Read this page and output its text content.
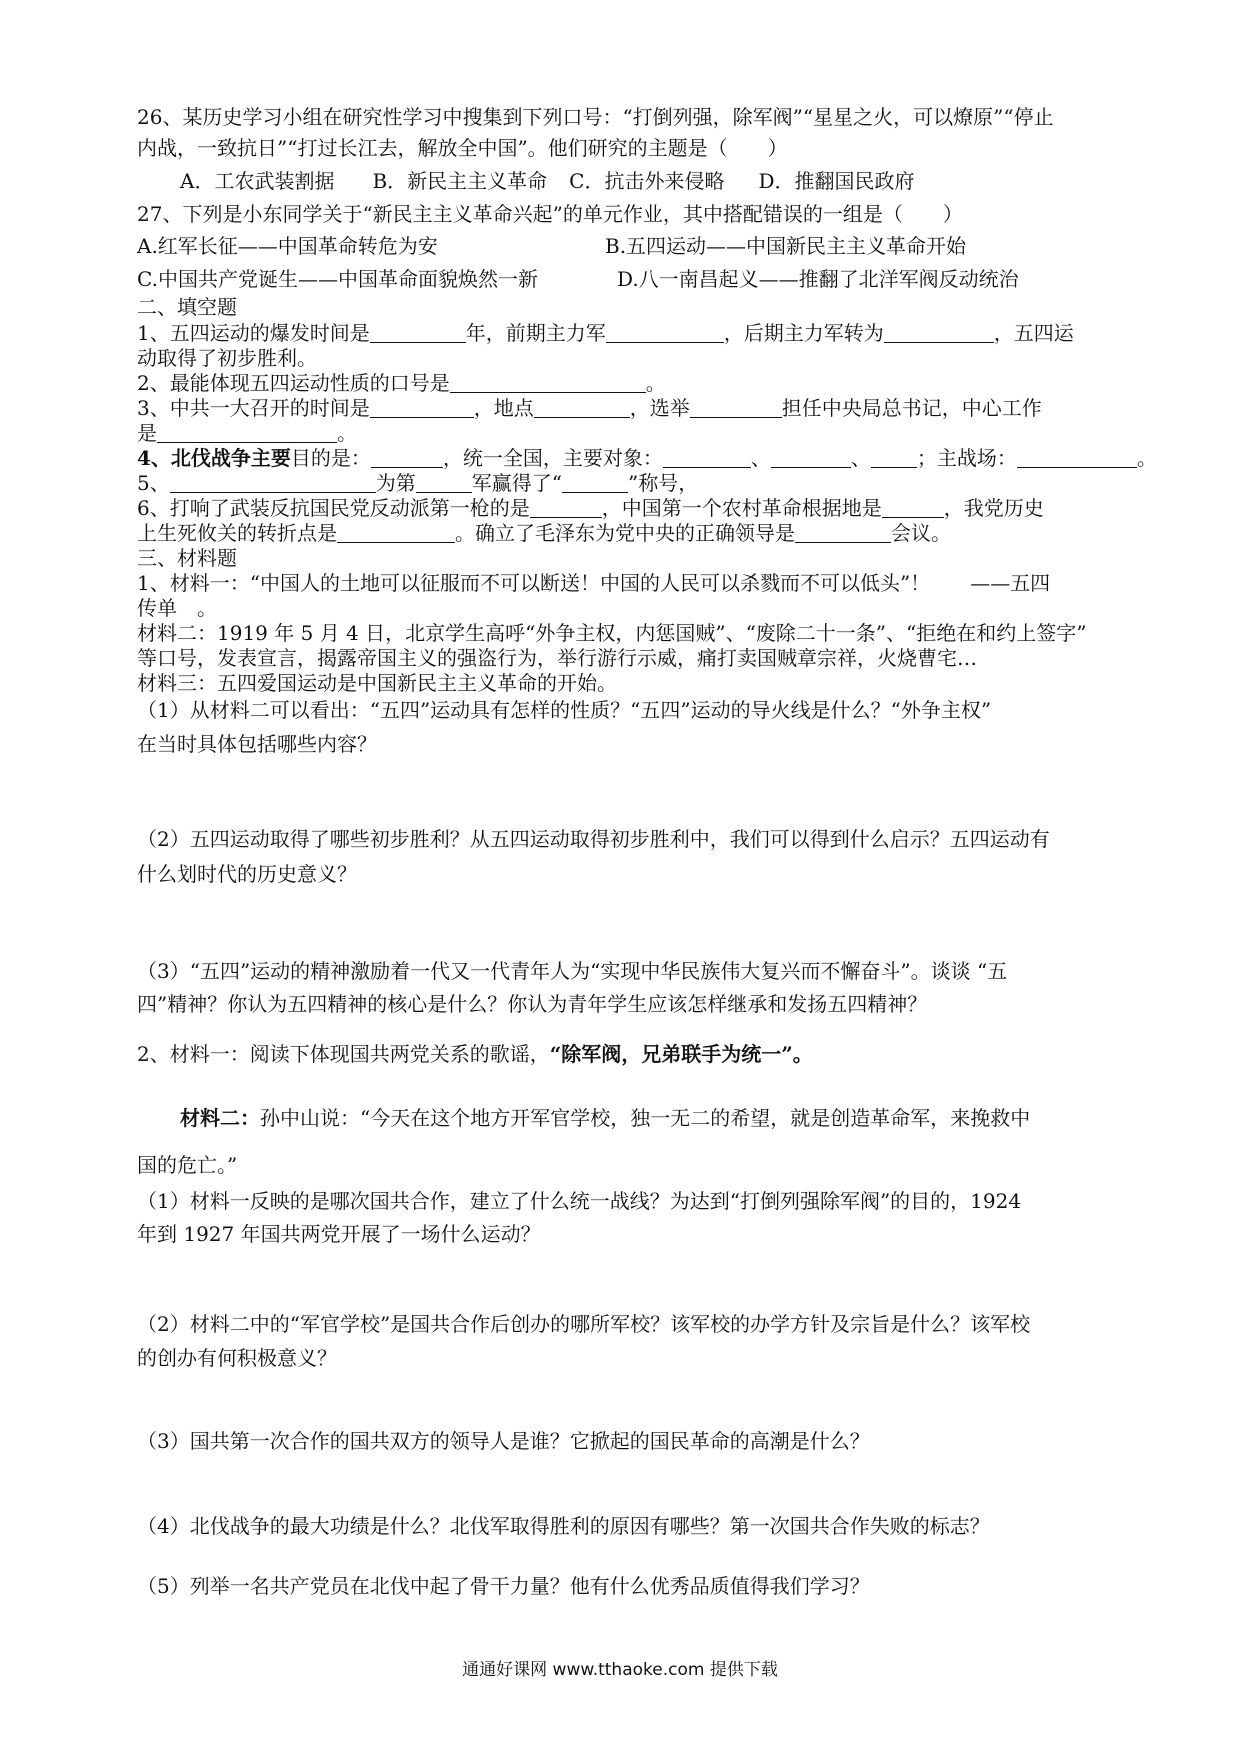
26、某历史学习小组在研究性学习中搜集到下列口号：“打倒列强，除军阀”“星星之火，可以燎原”“停止
内战，一致抗日”“打过长江去，解放全中国”。他们研究的主题是（　　）
A．工农武装割据 B．新民主主义革命 C．抗击外来侵略 D．推翻国民政府
27、下列是小东同学关于“新民主主义革命兴起”的单元作业，其中搭配错误的一组是（　　）
A.红军长征——中国革命转危为安	B.五四运动——中国新民主主义革命开始
C.中国共产党诞生——中国革命面貌焕然一新	D.八一南昌起义——推翻了北洋军阀反动统治
二、填空题
1、五四运动的爆发时间是	年，前期主力军	，后期主力军转为	，五四运
动取得了初步胜利。
2、最能体现五四运动性质的口号是	。
3、中共一大召开的时间是	，地点	，选举	担任中央局总书记，中心工作
是	。
4、北伐战争主要目的是：	，统一全国，主要对象：	、	、 ；主战场：	。
5、	为第	军赢得了“	”称号，
6、打响了武装反抗国民党反动派第一枪的是	，中国第一个农村革命根据地是	，我党历史
上生死攸关的转折点是	。确立了毛泽东为党中央的正确领导是	会议。
三、材料题
1、材料一：“中国人的土地可以征服而不可以断送！中国的人民可以杀戮而不可以低头”！ ——五四
传单　。
材料二：1919 年 5 月 4 日，北京学生高呼“外争主权，内惩国贼”、“废除二十一条”、“拒绝在和约上签字”
等口号，发表宣言，揭露帝国主义的强盗行为，举行游行示威，痛打卖国贼章宗祥，火烧曹宅…
材料三：五四爱国运动是中国新民主主义革命的开始。
（1）从材料二可以看出：“五四”运动具有怎样的性质？“五四”运动的导火线是什么？“外争主权”
在当时具体包括哪些内容？
（2）五四运动取得了哪些初步胜利？从五四运动取得初步胜利中，我们可以得到什么启示？五四运动有
什么划时代的历史意义？
（3）“五四”运动的精神激励着一代又一代青年人为“实现中华民族伟大复兴而不懈奋斗”。谈谈 “五
四”精神？你认为五四精神的核心是什么？你认为青年学生应该怎样继承和发扬五四精神？
2、材料一：阅读下体现国共两党关系的歌谣，“除军阀，兄弟联手为统一”。
材料二：孙中山说：“今天在这个地方开军官学校，独一无二的希望，就是创造革命军，来挽救中
国的危亡。”
（1）材料一反映的是哪次国共合作，建立了什么统一战线？为达到“打倒列强除军阀”的目的，1924
年到 1927 年国共两党开展了一场什么运动？
（2）材料二中的“军官学校”是国共合作后创办的哪所军校？该军校的办学方针及宗旨是什么？该军校
的创办有何积极意义？
（3）国共第一次合作的国共双方的领导人是谁？它掀起的国民革命的高潮是什么？
（4）北伐战争的最大功绩是什么？北伐军取得胜利的原因有哪些？第一次国共合作失败的标志？
（5）列举一名共产党员在北伐中起了骨干力量？他有什么优秀品质值得我们学习？
通通好课网 www.tthaoke.com 提供下载
